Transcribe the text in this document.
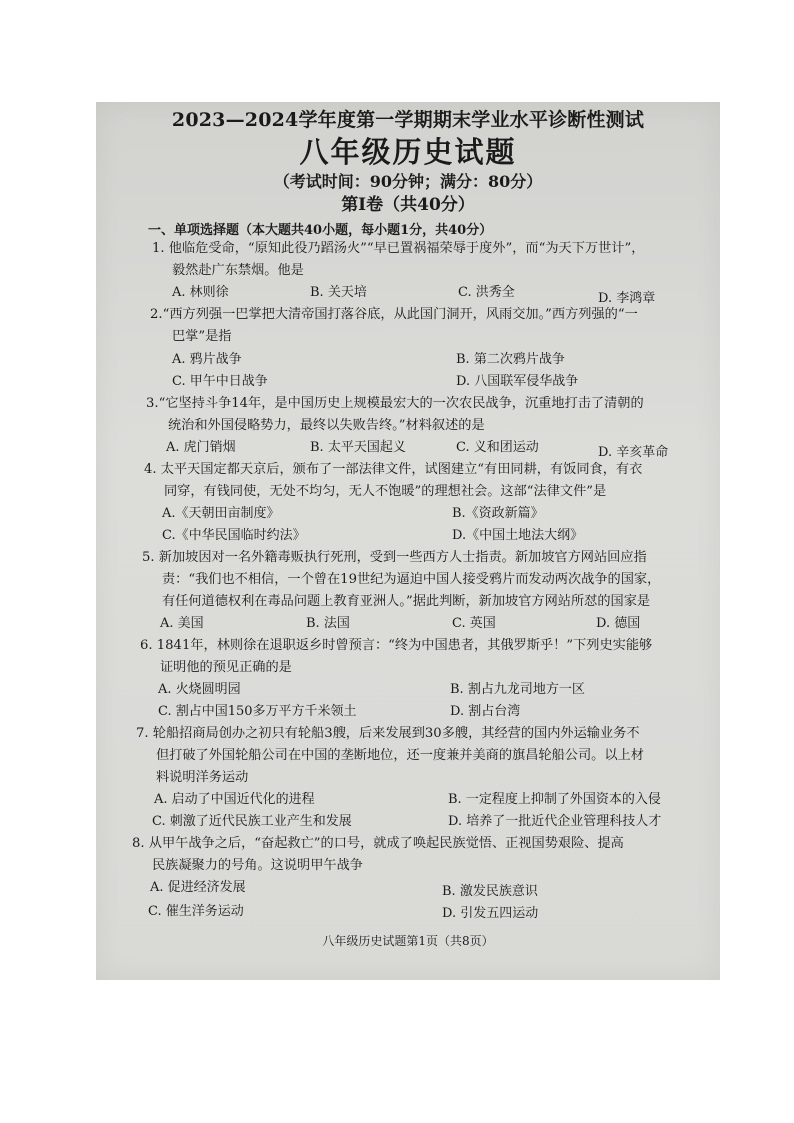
2023—2024学年度第一学期期末学业水平诊断性测试
八年级历史试题
（考试时间：90分钟；满分：80分）
第Ⅰ卷（共40分）
一、单项选择题（本大题共40小题，每小题1分，共40分）
1. 他临危受命，“原知此役乃蹈汤火”“早已置祸福荣辱于度外”，而“为天下万世计”，
毅然赴广东禁烟。他是
A. 林则徐	B. 关天培	C. 洪秀全	D. 李鸿章
2.“西方列强一巴掌把大清帝国打落谷底，从此国门洞开，风雨交加。”西方列强的“一
巴掌”是指
A. 鸦片战争	B. 第二次鸦片战争
C. 甲午中日战争	D. 八国联军侵华战争
3.“它坚持斗争14年，是中国历史上规模最宏大的一次农民战争，沉重地打击了清朝的
统治和外国侵略势力，最终以失败告终。”材料叙述的是
A. 虎门销烟	B. 太平天国起义	C. 义和团运动	D. 辛亥革命
4. 太平天国定都天京后，颁布了一部法律文件，试图建立“有田同耕，有饭同食，有衣
同穿，有钱同使，无处不均匀，无人不饱暖”的理想社会。这部“法律文件”是
A.《天朝田亩制度》	B.《资政新篇》
C.《中华民国临时约法》	D.《中国土地法大纲》
5. 新加坡因对一名外籍毒贩执行死刑，受到一些西方人士指责。新加坡官方网站回应指
责：“我们也不相信，一个曾在19世纪为逼迫中国人接受鸦片而发动两次战争的国家，
有任何道德权利在毒品问题上教育亚洲人。”据此判断，新加坡官方网站所怼的国家是
A. 美国	B. 法国	C. 英国	D. 德国
6. 1841年，林则徐在退职返乡时曾预言：“终为中国患者，其俄罗斯乎！”下列史实能够
证明他的预见正确的是
A. 火烧圆明园	B. 割占九龙司地方一区
C. 割占中国150多万平方千米领土	D. 割占台湾
7. 轮船招商局创办之初只有轮船3艘，后来发展到30多艘，其经营的国内外运输业务不
但打破了外国轮船公司在中国的垄断地位，还一度兼并美商的旗昌轮船公司。以上材
料说明洋务运动
A. 启动了中国近代化的进程	B. 一定程度上抑制了外国资本的入侵
C. 刺激了近代民族工业产生和发展	D. 培养了一批近代企业管理科技人才
8. 从甲午战争之后，“奋起救亡”的口号，就成了唤起民族觉悟、正视国势艰险、提高
民族凝聚力的号角。这说明甲午战争
A. 促进经济发展	B. 激发民族意识
C. 催生洋务运动	D. 引发五四运动
八年级历史试题第1页（共8页）
